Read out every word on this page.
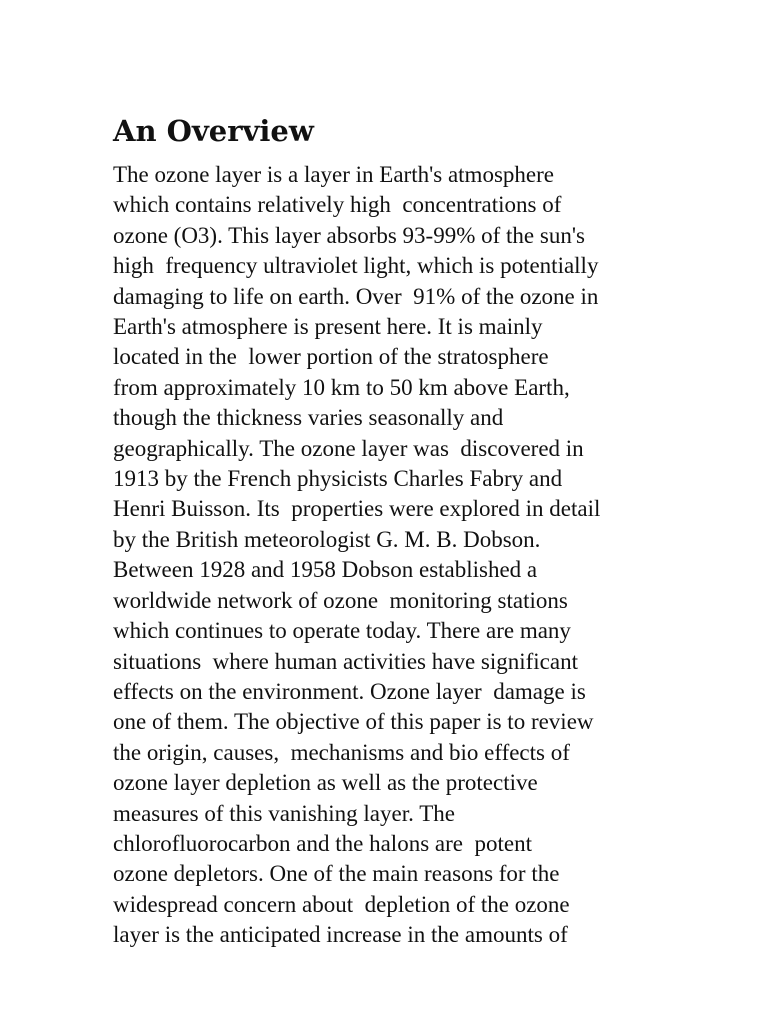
An Overview
The ozone layer is a layer in Earth's atmosphere
which contains relatively high  concentrations of
ozone (O3). This layer absorbs 93-99% of the sun's
high  frequency ultraviolet light, which is potentially
damaging to life on earth. Over  91% of the ozone in
Earth's atmosphere is present here. It is mainly
located in the  lower portion of the stratosphere
from approximately 10 km to 50 km above Earth,
though the thickness varies seasonally and
geographically. The ozone layer was  discovered in
1913 by the French physicists Charles Fabry and
Henri Buisson. Its  properties were explored in detail
by the British meteorologist G. M. B. Dobson.
Between 1928 and 1958 Dobson established a
worldwide network of ozone  monitoring stations
which continues to operate today. There are many
situations  where human activities have significant
effects on the environment. Ozone layer  damage is
one of them. The objective of this paper is to review
the origin, causes,  mechanisms and bio effects of
ozone layer depletion as well as the protective
measures of this vanishing layer. The
chlorofluorocarbon and the halons are  potent
ozone depletors. One of the main reasons for the
widespread concern about  depletion of the ozone
layer is the anticipated increase in the amounts of
